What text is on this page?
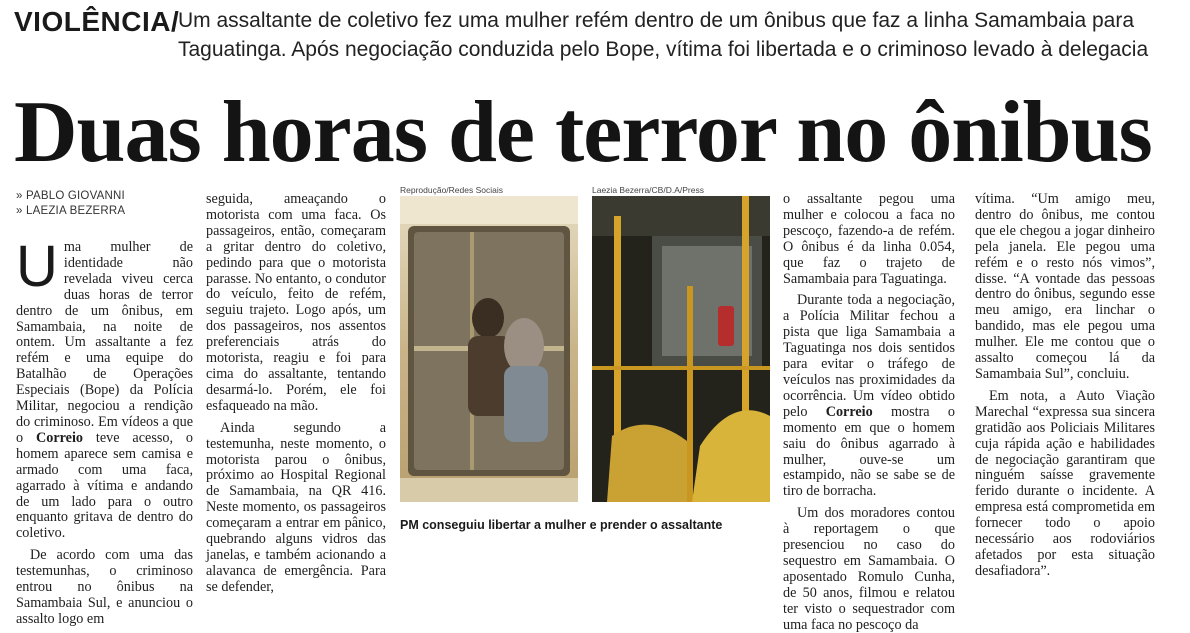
VIOLÊNCIA/
Um assaltante de coletivo fez uma mulher refém dentro de um ônibus que faz a linha Samambaia para Taguatinga. Após negociação conduzida pelo Bope, vítima foi libertada e o criminoso levado à delegacia
Duas horas de terror no ônibus
» PABLO GIOVANNI
» LAEZIA BEZERRA

Uma mulher de identidade não revelada viveu cerca duas horas de terror dentro de um ônibus, em Samambaia, na noite de ontem. Um assaltante a fez refém e uma equipe do Batalhão de Operações Especiais (Bope) da Polícia Militar, negociou a rendição do criminoso. Em vídeos a que o Correio teve acesso, o homem aparece sem camisa e armado com uma faca, agarrado à vítima e andando de um lado para o outro enquanto gritava de dentro do coletivo.

De acordo com uma das testemunhas, o criminoso entrou no ônibus na Samambaia Sul, e anunciou o assalto logo em

seguida, ameaçando o motorista com uma faca. Os passageiros, então, começaram a gritar dentro do coletivo, pedindo para que o motorista parasse. No entanto, o condutor do veículo, feito de refém, seguiu trajeto. Logo após, um dos passageiros, nos assentos preferenciais atrás do motorista, reagiu e foi para cima do assaltante, tentando desarmá-lo. Porém, ele foi esfaqueado na mão.

Ainda segundo a testemunha, neste momento, o motorista parou o ônibus, próximo ao Hospital Regional de Samambaia, na QR 416. Neste momento, os passageiros começaram a entrar em pânico, quebrando alguns vidros das janelas, e também acionando a alavanca de emergência. Para se defender,

Reprodução/Redes Sociais	Laezia Bezerra/CB/D.A/Press
PM conseguiu libertar a mulher e prender o assaltante

o assaltante pegou uma mulher e colocou a faca no pescoço, fazendo-a de refém. O ônibus é da linha 0.054, que faz o trajeto de Samambaia para Taguatinga.

Durante toda a negociação, a Polícia Militar fechou a pista que liga Samambaia a Taguatinga nos dois sentidos para evitar o tráfego de veículos nas proximidades da ocorrência. Um vídeo obtido pelo Correio mostra o momento em que o homem saiu do ônibus agarrado à mulher, ouve-se um estampido, não se sabe se de tiro de borracha.

Um dos moradores contou à reportagem o que presenciou no caso do sequestro em Samambaia. O aposentado Romulo Cunha, de 50 anos, filmou e relatou ter visto o sequestrador com uma faca no pescoço da

vítima. “Um amigo meu, dentro do ônibus, me contou que ele chegou a jogar dinheiro pela janela. Ele pegou uma refém e o resto nós vimos”, disse. “A vontade das pessoas dentro do ônibus, segundo esse meu amigo, era linchar o bandido, mas ele pegou uma mulher. Ele me contou que o assalto começou lá da Samambaia Sul”, concluiu.

Em nota, a Auto Viação Marechal “expressa sua sincera gratidão aos Policiais Militares cuja rápida ação e habilidades de negociação garantiram que ninguém saísse gravemente ferido durante o incidente. A empresa está comprometida em fornecer todo o apoio necessário aos rodoviários afetados por esta situação desafiadora”.
